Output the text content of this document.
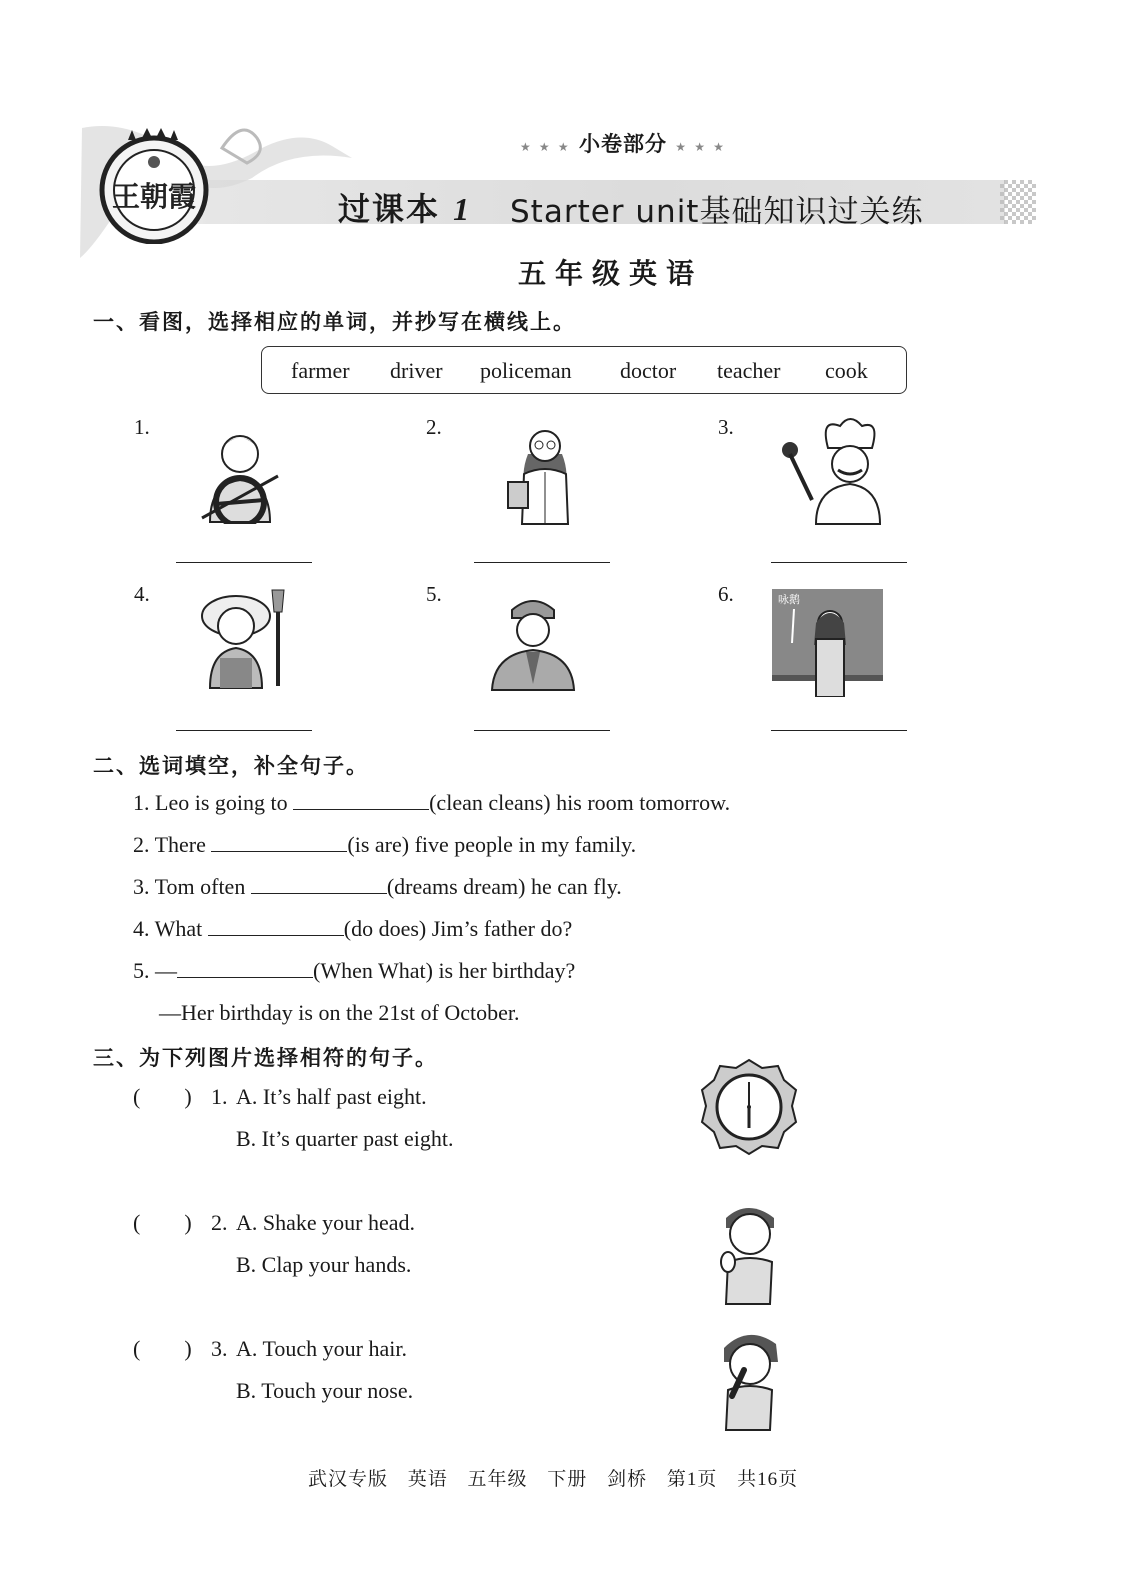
王朝霞
★ ★ ★ 小卷部分 ★ ★ ★
过课本 1 Starter unit基础知识过关练
五年级英语
一、看图，选择相应的单词，并抄写在横线上。
farmer driver policeman doctor teacher cook
1.	2.	3.
4.	5.	6.	咏鹅
二、选词填空，补全句子。
1. Leo is going to	(clean cleans) his room tomorrow.
2. There	(is are) five people in my family.
3. Tom often	(dreams dream) he can fly.
4. What	(do does) Jim’s father do?
5. —	(When What) is her birthday?
—Her birthday is on the 21st of October.
三、为下列图片选择相符的句子。
(        ) 1. A. It’s half past eight.
B. It’s quarter past eight.
(        ) 2. A. Shake your head.
B. Clap your hands.
(        ) 3. A. Touch your hair.
B. Touch your nose.
武汉专版 英语 五年级 下册 剑桥 第1页 共16页
